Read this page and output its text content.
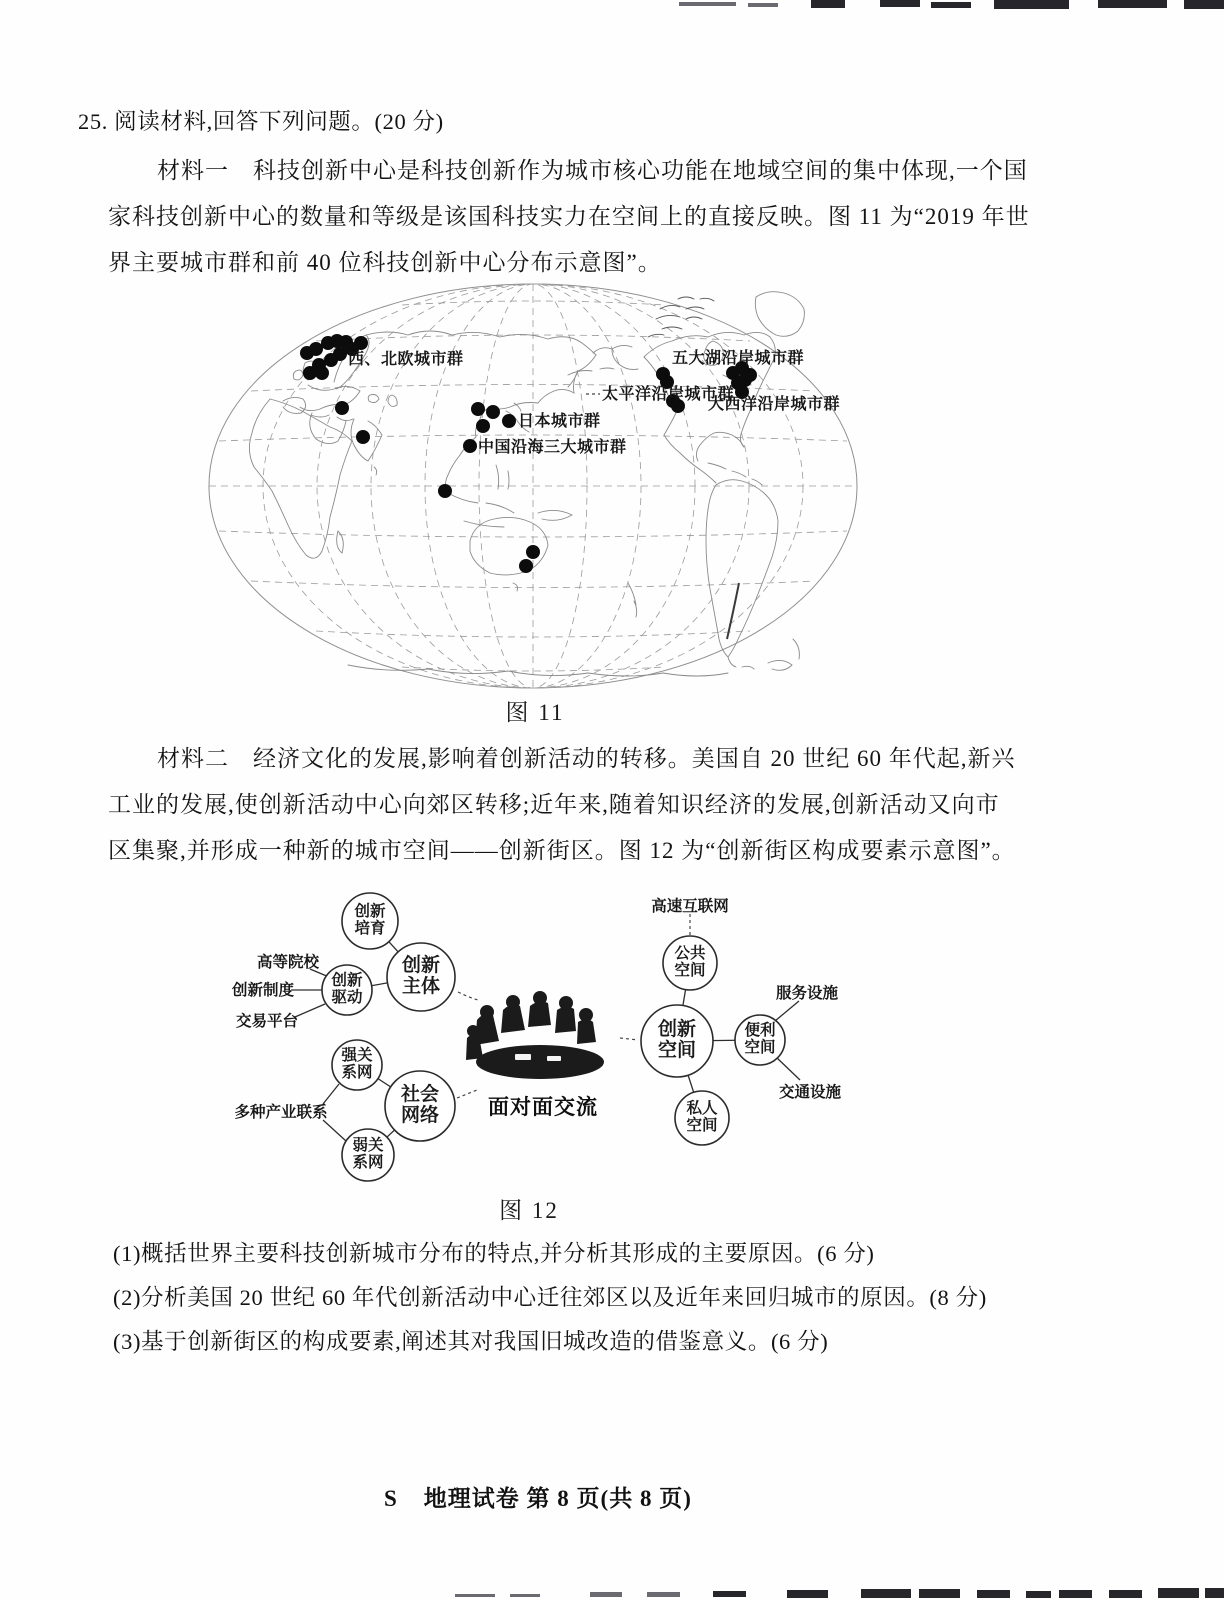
25. 阅读材料,回答下列问题。(20 分)
材料一　科技创新中心是科技创新作为城市核心功能在地域空间的集中体现,一个国
家科技创新中心的数量和等级是该国科技实力在空间上的直接反映。图 11 为“2019 年世
界主要城市群和前 40 位科技创新中心分布示意图”。
西、北欧城市群	五大湖沿岸城市群
太平洋沿岸城市群
大西洋沿岸城市群
日本城市群
中国沿海三大城市群
图 11
材料二　经济文化的发展,影响着创新活动的转移。美国自 20 世纪 60 年代起,新兴
工业的发展,使创新活动中心向郊区转移;近年来,随着知识经济的发展,创新活动又向市
区集聚,并形成一种新的城市空间——创新街区。图 12 为“创新街区构成要素示意图”。
创新培育
创新主体
创新驱动
强关系网
社会网络
弱关系网
公共空间
创新空间
便利空间
私人空间
高等院校
创新制度
交易平台
多种产业联系
高速互联网
服务设施
交通设施
面对面交流
图 12
(1)概括世界主要科技创新城市分布的特点,并分析其形成的主要原因。(6 分)
(2)分析美国 20 世纪 60 年代创新活动中心迁往郊区以及近年来回归城市的原因。(8 分)
(3)基于创新街区的构成要素,阐述其对我国旧城改造的借鉴意义。(6 分)
S 地理试卷 第 8 页(共 8 页)
